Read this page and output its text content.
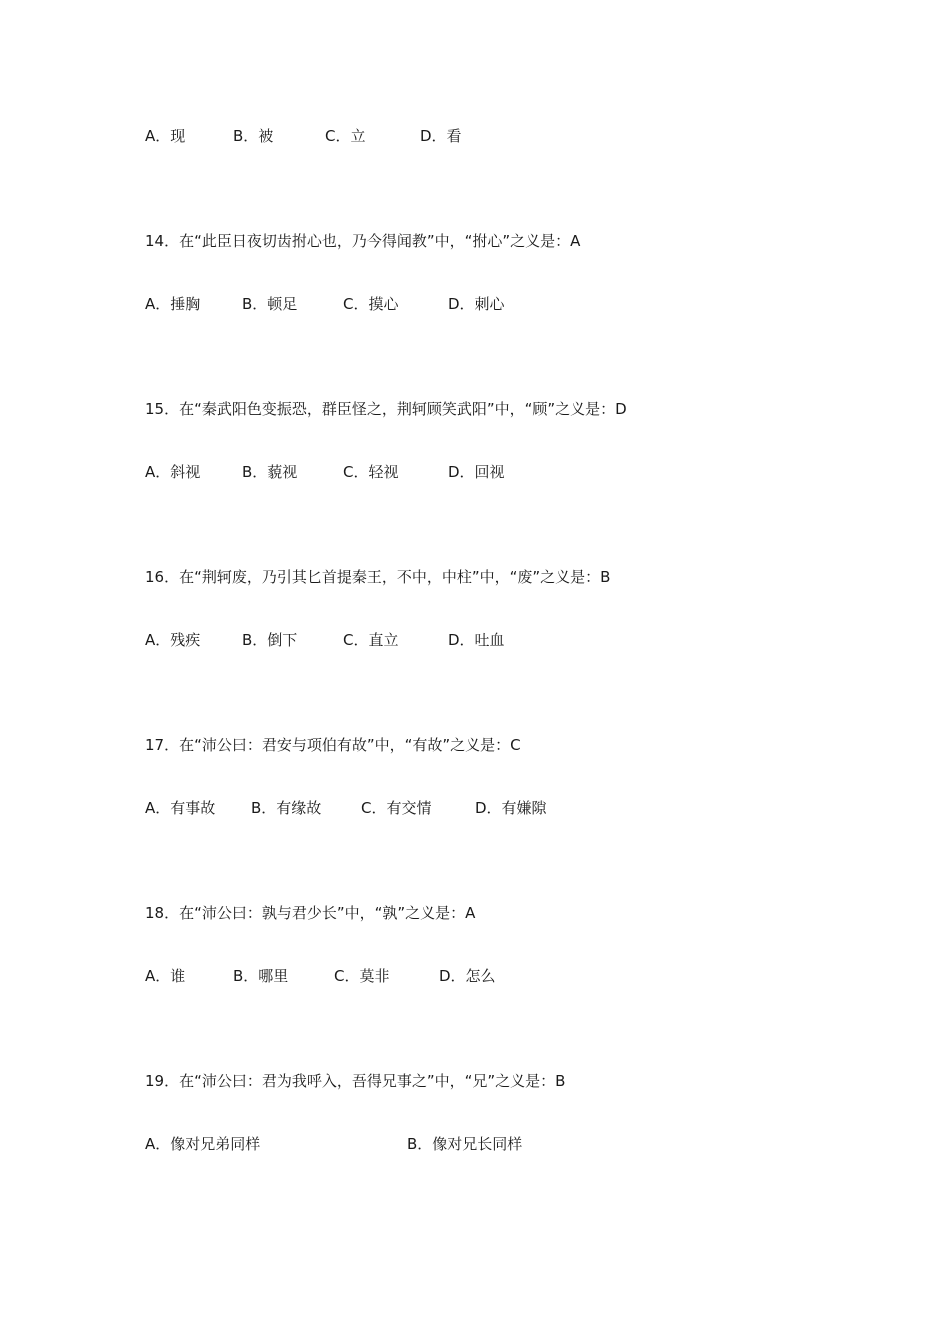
A．现	B．被	C．立	D．看
14．在“此臣日夜切齿拊心也，乃今得闻教”中，“拊心”之义是：A
A．捶胸	B．顿足	C．摸心	D．刺心
15．在“秦武阳色变振恐，群臣怪之，荆轲顾笑武阳”中，“顾”之义是：D
A．斜视	B．藐视	C．轻视	D．回视
16．在“荆轲废，乃引其匕首提秦王，不中，中柱”中，“废”之义是：B
A．残疾	B．倒下	C．直立	D．吐血
17．在“沛公曰：君安与项伯有故”中，“有故”之义是：C
A．有事故 B．有缘故	C．有交情	D．有嫌隙
18．在“沛公曰：孰与君少长”中，“孰”之义是：A
A．谁	B．哪里	C．莫非	D．怎么
19．在“沛公曰：君为我呼入，吾得兄事之”中，“兄”之义是：B
A．像对兄弟同样	B．像对兄长同样
